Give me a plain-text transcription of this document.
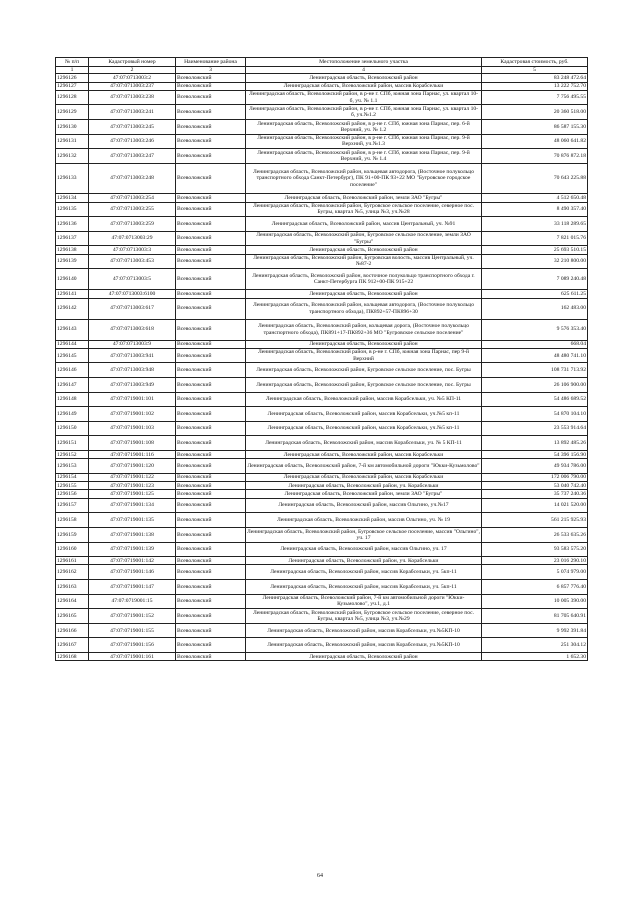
№ п/п	Кадастровый номер	Наименование района	Местоположение земельного участка	Кадастровая стоимость, руб.
1	2	3	4	5
1296126	47:07:0713003:2	Всеволожский	Ленинградская область, Всеволожский район	83 248 472.64
1296127	47:07:0713003:237	Всеволожский	Ленинградская область, Всеволожский район, массив Корабсельки	13 222 752.70
1296128	47:07:0713003:238	Всеволожский	Ленинградская область, Всеволожский район, в р-не г. СПб, южная зона Парнас, ул. квартал 10-б, уч. № 1.1	7 756 495.55
1296129	47:07:0713003:241	Всеволожский	Ленинградская область, Всеволожский район, в р-не г. СПб, южная зона Парнас, ул. квартал 10-б, уч.№1.2	20 360 518.00
1296130	47:07:0713003:245	Всеволожский	Ленинградская область, Всеволожский район, в р-не г. СПб, южная зона Парнас, пер. 6-й Верхний, уч. № 1.2	86 587 155.30
1296131	47:07:0713003:246	Всеволожский	Ленинградская область, Всеволожский район, в р-не г. СПб, южная зона Парнас, пер. 9-й Верхний, уч.№1.3	48 060 641.82
1296132	47:07:0713003:247	Всеволожский	Ленинградская область, Всеволожский район, в р-не г. СПб, южная зона Парнас, пер. 9-й Верхний, уч. № 1.4	70 876 872.18
1296133	47:07:0713003:248	Всеволожский	Ленинградская область, Всеволожский район, кольцевая автодорога, (Восточное полукольцо транспортного обхода Санкт-Петербург), ПК 91+00-ПК 93+22 МО "Бугровское городское поселение"	70 643 225.88
1296134	47:07:0713003:254	Всеволожский	Ленинградская область, Всеволожский район, земли ЗАО "Бугры"	4 512 650.48
1296135	47:07:0713003:255	Всеволожский	Ленинградская область, Всеволожский район, Бугровское сельское поселение, северное пос. Бугры, квартал №5, улица №3, уч.№28	8 490 357.40
1296136	47:07:0713003:259	Всеволожский	Ленинградская область, Всеволожский район, массив Центральный, уч. №91	33 118 289.65
1296137	47:07:0713003:29	Всеволожский	Ленинградская область, Всеволожский район, Бугровское сельское поселение, земли ЗАО "Бугры"	7 821 015.76
1296138	47:07:0713003:3	Всеволожский	Ленинградская область, Всеволожский район	25 693 510.15
1296139	47:07:0713003:453	Всеволожский	Ленинградская область, Всеволожский район, Бугровская волость, массив Центральный, уч.№87-2	32 210 800.00
1296140	47:07:0713003:5	Всеволожский	Ленинградская область, Всеволожский район, восточное полукольцо транспортного обхода г. Санкт-Петербурга ПК 912+00-ПК 915+22	7 089 240.48
1296141	47:07:0713003:6100	Всеволожский	Ленинградская область, Всеволожский район	625 611.25
1296142	47:07:0713003:617	Всеволожский	Ленинградская область, Всеволожский район, кольцевая автодорога, (Восточное полукольцо транспортного обхода), ПК892+57-ПК896+30	162 483.00
1296143	47:07:0713003:618	Всеволожский	Ленинградская область, Всеволожский район, кольцевая дорога, (Восточное полукольцо транспортного обхода), ПК891+17-ПК892+36 МО "Бугровское сельское поселение"	9 576 353.40
1296144	47:07:0713003:9	Всеволожский	Ленинградская область, Всеволожский район	668.04
1296145	47:07:0713003:941	Всеволожский	Ленинградская область, Всеволожский район, в р-не г. СПб, южная зона Парнас, пер 9-й Верхний	48 480 741.10
1296146	47:07:0713003:948	Всеволожский	Ленинградская область, Всеволожский район, Бугровское сельское поселение, пос. Бугры	108 731 713.92
1296147	47:07:0713003:949	Всеволожский	Ленинградская область, Всеволожский район, Бугровское сельское поселение, пос. Бугры	26 106 900.00
1296148	47:07:0719001:101	Всеволожский	Ленинградская область, Всеволожский район, массив Корабсельки, уч. №5 КП-11	54 486 689.52
1296149	47:07:0719001:102	Всеволожский	Ленинградская область, Всеволожский район, массив Корабсельки, уч.№5 кп-11	54 870 104.10
1296150	47:07:0719001:103	Всеволожский	Ленинградская область, Всеволожский район, массив Корабсельки, уч.№5 кп-11	23 553 914.64
1296151	47:07:0719001:108	Всеволожский	Ленинградская область, Всеволожский район, массив Корабсельки, уч. № 5 КП-11	13 892 485.26
1296152	47:07:0719001:116	Всеволожский	Ленинградская область, Всеволожский район, массив Корабсельки	54 396 156.90
1296153	47:07:0719001:120	Всеволожский	Ленинградская область, Всеволожский район, 7-й км автомобильной дороги "Юкки-Кузьмолово"	49 934 786.00
1296154	47:07:0719001:122	Всеволожский	Ленинградская область, Всеволожский район, массив Корабсельки	172 006 790.00
1296155	47:07:0719001:123	Всеволожский	Ленинградская область, Всеволожский район, уч. Корабсельки	53 040 742.40
1296156	47:07:0719001:125	Всеволожский	Ленинградская область, Всеволожский район, земли ЗАО "Бугры"	35 737 240.36
1296157	47:07:0719001:134	Всеволожский	Ленинградская область, Всеволожский район, массив Ольгино, уч.№17	14 021 520.00
1296158	47:07:0719001:135	Всеволожский	Ленинградская область, Всеволожский район, массив Ольгино, уч. № 19	561 215 925.93
1296159	47:07:0719001:138	Всеволожский	Ленинградская область, Всеволожский район, Бугровское сельское поселение, массив "Ольгино", уч. 17	26 533 635.26
1296160	47:07:0719001:139	Всеволожский	Ленинградская область, Всеволожский район, массив Ольгино, уч. 17	93 583 575.20
1296161	47:07:0719001:142	Всеволожский	Ленинградская область, Всеволожский район, уч. Корабсельки	23 016 290.10
1296162	47:07:0719001:146	Всеволожский	Ленинградская область, Всеволожский район, массив Корабсельки, уч. 5кп-11	5 074 979.00
1296163	47:07:0719001:147	Всеволожский	Ленинградская область, Всеволожский район, массив Корабсельки, уч. 5кп-11	6 857 776.40
1296164	47:07:0719001:15	Всеволожский	Ленинградская область, Всеволожский район, 7-й км автомобильной дороги "Юкки-Кузьмолово", уч.1, д.1	10 005 390.00
1296165	47:07:0719001:152	Всеволожский	Ленинградская область, Всеволожский район, Бугровское сельское поселение, северное пос. Бугры, квартал №5, улица №3, уч.№29	81 705 640.91
1296166	47:07:0719001:155	Всеволожский	Ленинградская область, Всеволожский район, массив Корабсельки, уч.№5КП-10	9 992 391.84
1296167	47:07:0719001:156	Всеволожский	Ленинградская область, Всеволожский район, массив Корабсельки, уч.№5КП-10	251 304.12
1296168	47:07:0719001:161	Всеволожский	Ленинградская область, Всеволожский район	1 652.30
64
